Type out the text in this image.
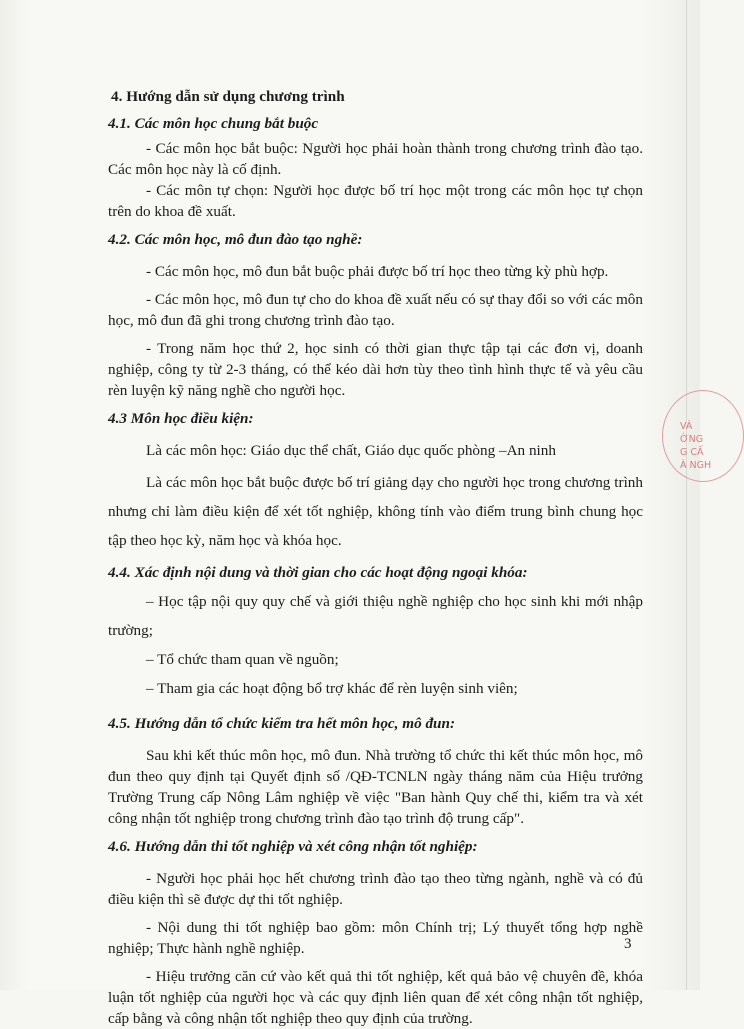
VÀ
ỜNG
G CẤ
À NGH
4. Hướng dẫn sử dụng chương trình
4.1. Các môn học chung bắt buộc

- Các môn học bắt buộc: Người học phải hoàn thành trong chương trình đào tạo. Các môn học này là cố định.

- Các môn tự chọn: Người học được bố trí học một trong các môn học tự chọn trên do khoa đề xuất.

4.2. Các môn học, mô đun đào tạo nghề:

- Các môn học, mô đun bắt buộc phải được bố trí học theo từng kỳ phù hợp.

- Các môn học, mô đun tự cho do khoa đề xuất nếu có sự thay đổi so với các môn học, mô đun đã ghi trong chương trình đào tạo.

- Trong năm học thứ 2, học sinh có thời gian thực tập tại các đơn vị, doanh nghiệp, công ty từ 2-3 tháng, có thể kéo dài hơn tùy theo tình hình thực tế và yêu cầu rèn luyện kỹ năng nghề cho người học.

4.3 Môn học điều kiện:

Là các môn học: Giáo dục thể chất, Giáo dục quốc phòng –An ninh

Là các môn học bắt buộc được bố trí giảng dạy cho người học trong chương trình nhưng chỉ làm điều kiện để xét tốt nghiệp, không tính vào điểm trung bình chung học tập theo học kỳ, năm học và khóa học.

4.4. Xác định nội dung và thời gian cho các hoạt động ngoại khóa:

– Học tập nội quy quy chế và giới thiệu nghề nghiệp cho học sinh khi mới nhập trường;

– Tổ chức tham quan về nguồn;

– Tham gia các hoạt động bổ trợ khác để rèn luyện sinh viên;

4.5. Hướng dẫn tổ chức kiểm tra hết môn học, mô đun:

Sau khi kết thúc môn học, mô đun. Nhà trường tổ chức thi kết thúc môn học, mô đun theo quy định tại Quyết định số /QĐ-TCNLN ngày tháng năm của Hiệu trưởng Trường Trung cấp Nông Lâm nghiệp về việc "Ban hành Quy chế thi, kiểm tra và xét công nhận tốt nghiệp trong chương trình đào tạo trình độ trung cấp".

4.6. Hướng dẫn thi tốt nghiệp và xét công nhận tốt nghiệp:

- Người học phải học hết chương trình đào tạo theo từng ngành, nghề và có đủ điều kiện thì sẽ được dự thi tốt nghiệp.

- Nội dung thi tốt nghiệp bao gồm: môn Chính trị; Lý thuyết tổng hợp nghề nghiệp; Thực hành nghề nghiệp.

- Hiệu trưởng căn cứ vào kết quả thi tốt nghiệp, kết quả bảo vệ chuyên đề, khóa luận tốt nghiệp của người học và các quy định liên quan để xét công nhận tốt nghiệp, cấp bằng và công nhận tốt nghiệp theo quy định của trường.

3
